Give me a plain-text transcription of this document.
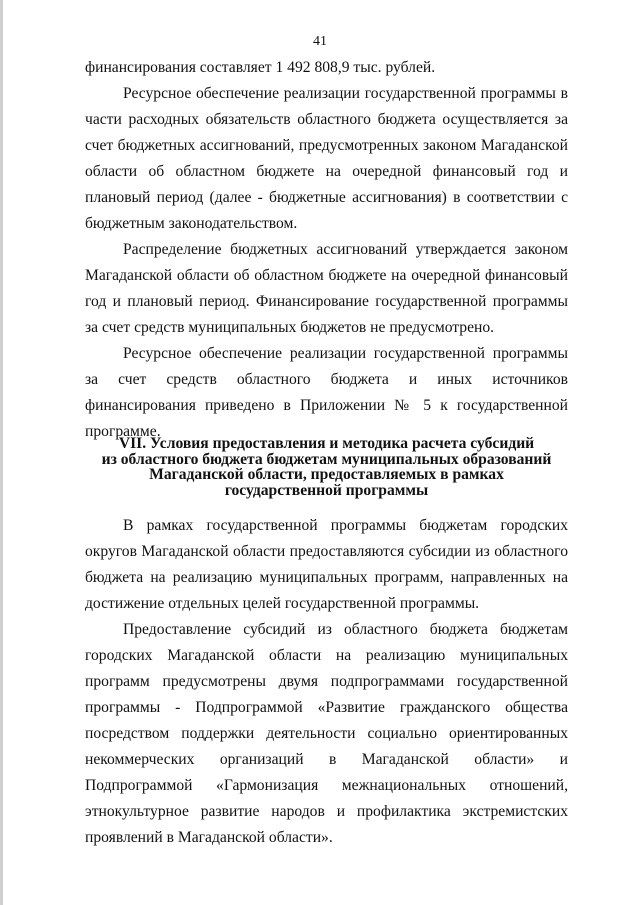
41

финансирования составляет 1 492 808,9 тыс. рублей.

Ресурсное обеспечение реализации государственной программы в части расходных обязательств областного бюджета осуществляется за счет бюджетных ассигнований, предусмотренных законом Магаданской области об областном бюджете на очередной финансовый год и плановый период (далее - бюджетные ассигнования) в соответствии с бюджетным законодательством.

Распределение бюджетных ассигнований утверждается законом Магаданской области об областном бюджете на очередной финансовый год и плановый период. Финансирование государственной программы за счет средств муниципальных бюджетов не предусмотрено.

Ресурсное обеспечение реализации государственной программы за счет средств областного бюджета и иных источников финансирования приведено в Приложении № 5 к государственной программе.

VII. Условия предоставления и методика расчета субсидий
из областного бюджета бюджетам муниципальных образований
Магаданской области, предоставляемых в рамках
государственной программы

В рамках государственной программы бюджетам городских округов Магаданской области предоставляются субсидии из областного бюджета на реализацию муниципальных программ, направленных на достижение отдельных целей государственной программы.

Предоставление субсидий из областного бюджета бюджетам городских Магаданской области на реализацию муниципальных программ предусмотрены двумя подпрограммами государственной программы - Подпрограммой «Развитие гражданского общества посредством поддержки деятельности социально ориентированных некоммерческих организаций в Магаданской области» и Подпрограммой «Гармонизация межнациональных отношений, этнокультурное развитие народов и профилактика экстремистских проявлений в Магаданской области».
